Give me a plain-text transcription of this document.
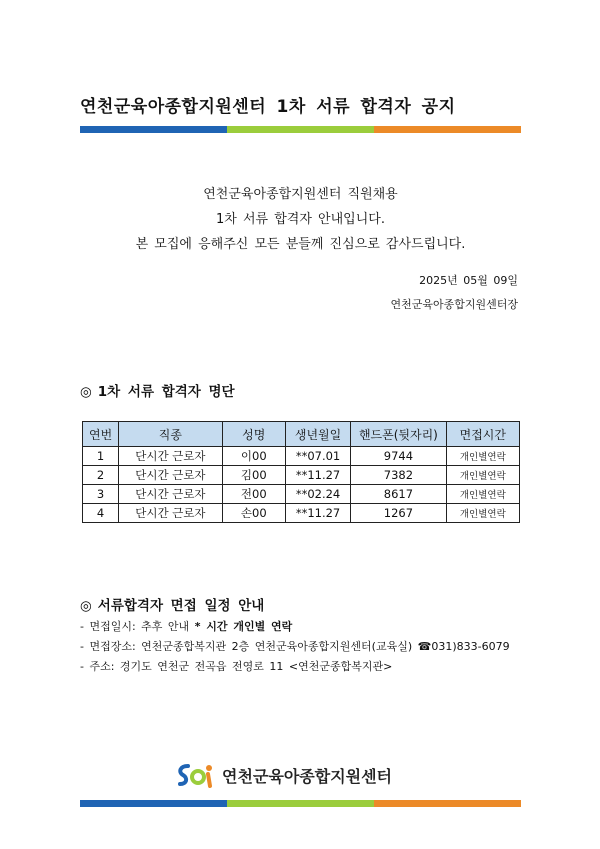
연천군육아종합지원센터 1차 서류 합격자 공지
연천군육아종합지원센터 직원채용
1차 서류 합격자 안내입니다.
본 모집에 응해주신 모든 분들께 진심으로 감사드립니다.
2025년 05월 09일
연천군육아종합지원센터장
◎ 1차 서류 합격자 명단
연번	직종	성명	생년월일	핸드폰(뒷자리)	면접시간
1	단시간 근로자	이00	**07.01	9744	개인별연락
2	단시간 근로자	김00	**11.27	7382	개인별연락
3	단시간 근로자	전00	**02.24	8617	개인별연락
4	단시간 근로자	손00	**11.27	1267	개인별연락
◎ 서류합격자 면접 일정 안내
- 면접일시: 추후 안내 * 시간 개인별 연락
- 면접장소: 연천군종합복지관 2층 연천군육아종합지원센터(교육실) ☎031)833-6079
- 주소: 경기도 연천군 전곡읍 전영로 11 <연천군종합복지관>
연천군육아종합지원센터
